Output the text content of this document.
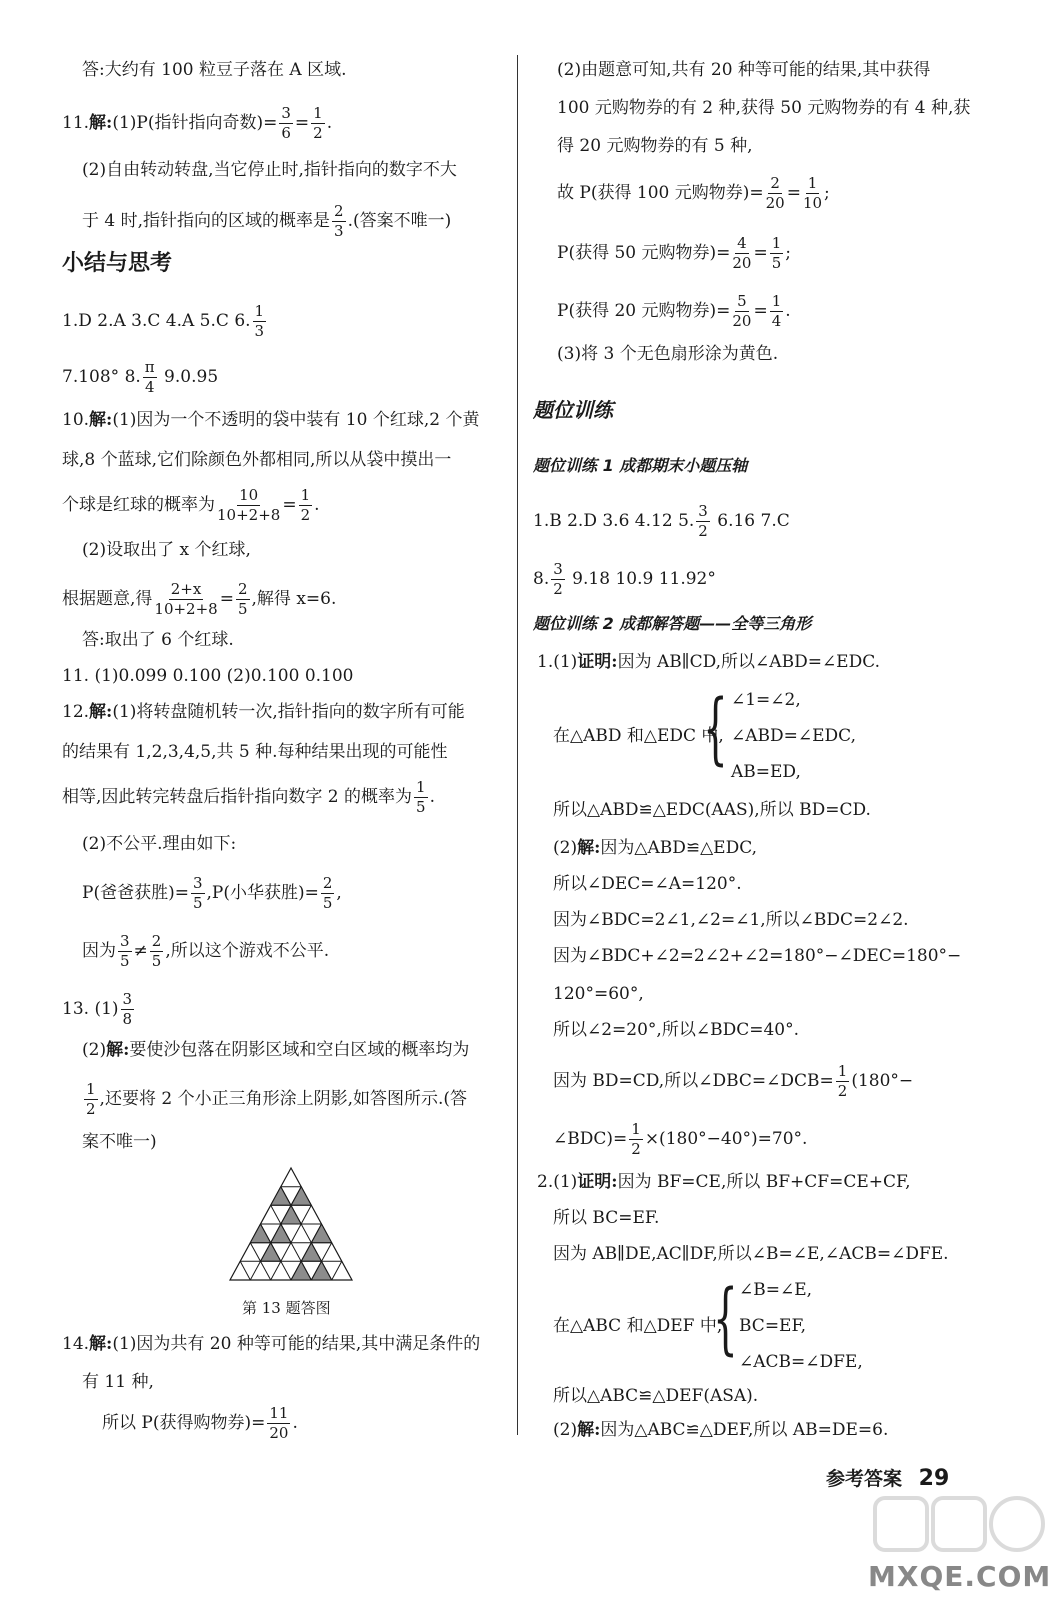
答:大约有 100 粒豆子落在 A 区域.
11.解:(1)P(指针指向奇数)= $\frac{3}{6} = \frac{1}{2}$ .
(2)自由转动转盘,当它停止时,指针指向的数字不大
于 4 时,指针指向的区域的概率是 $\frac{2}{3}$ .(答案不唯一)
小结与思考
1.D 2.A 3.C 4.A 5.C 6. $\frac{1}{3}$
7.108° 8. $\frac{\pi}{4} 9.0.95$
10.解:(1)因为一个不透明的袋中装有 10 个红球,2 个黄
球,8 个蓝球,它们除颜色外都相同,所以从袋中摸出一
个球是红球的概率为 $\frac{10}{10+2+8} = \frac{1}{2}$ .
(2)设取出了 x 个红球,
根据题意,得 $\frac{2+x}{10+2+8} = \frac{2}{5}$ ,解得 x=6.
答:取出了 6 个红球.
11. (1)0.099 0.100 (2)0.100 0.100
12.解:(1)将转盘随机转一次,指针指向的数字所有可能
的结果有 1,2,3,4,5,共 5 种.每种结果出现的可能性
相等,因此转完转盘后指针指向数字 2 的概率为 $\frac{1}{5}$ .
(2)不公平.理由如下:
P(爸爸获胜)= $\frac{3}{5} ,P$(小华获胜)= $\frac{2}{5}$ ,
因为 $\frac{3}{5} \ne \frac{2}{5}$ ,所以这个游戏不公平.
13. $(1) \frac{3}{8}$
(2)解:要使沙包落在阴影区域和空白区域的概率均为
$\frac{1}{2}$ ,还要将 2 个小正三角形涂上阴影,如答图所示.(答
案不唯一)
第 13 题答图
14.解:(1)因为共有 20 种等可能的结果,其中满足条件的
有 11 种,
所以 P(获得购物券)= $\frac{11}{20}$ .
(2)由题意可知,共有 20 种等可能的结果,其中获得
100 元购物券的有 2 种,获得 50 元购物券的有 4 种,获
得 20 元购物券的有 5 种,
故 P(获得 100 元购物券)= $\frac{2}{20} = \frac{1}{10}$ ;
P(获得 50 元购物券)= $\frac{4}{20} = \frac{1}{5}$ ;
P(获得 20 元购物券)= $\frac{5}{20} = \frac{1}{4}$ .
(3)将 3 个无色扇形涂为黄色.
题位训练
题位训练 1 成都期末小题压轴
1.B 2.D 3.6 4.12 5. $\frac{3}{2} 6.16$ 7.C
8. $\frac{3}{2} 9.18$ 10.9 11.92°
题位训练 2 成都解答题——全等三角形
1.(1)证明:因为 AB∥CD,所以∠ABD=∠EDC.
在△ABD 和△EDC 中,
{ ∠1=∠2,
∠ABD=∠EDC,
AB=ED,
所以△ABD≌△EDC(AAS),所以 BD=CD.
(2)解:因为△ABD≌△EDC,
所以∠DEC=∠A=120°.
因为∠BDC=2∠1,∠2=∠1,所以∠BDC=2∠2.
因为∠BDC+∠2=2∠2+∠2=180°−∠DEC=180°−
120°=60°,
所以∠2=20°,所以∠BDC=40°.
因为 BD=CD,所以∠DBC=∠DCB= $\frac{1}{2} (180^\circ-$
∠BDC)= $\frac{1}{2} \times(180^\circ-40^\circ)=70^\circ$.
2.(1)证明:因为 BF=CE,所以 BF+CF=CE+CF,
所以 BC=EF.
因为 AB∥DE,AC∥DF,所以∠B=∠E,∠ACB=∠DFE.
在△ABC 和△DEF 中,
{ ∠B=∠E,
BC=EF,
∠ACB=∠DFE,
所以△ABC≌△DEF(ASA).
(2)解:因为△ABC≌△DEF,所以 AB=DE=6.
参考答案 29
MXQE.COM
